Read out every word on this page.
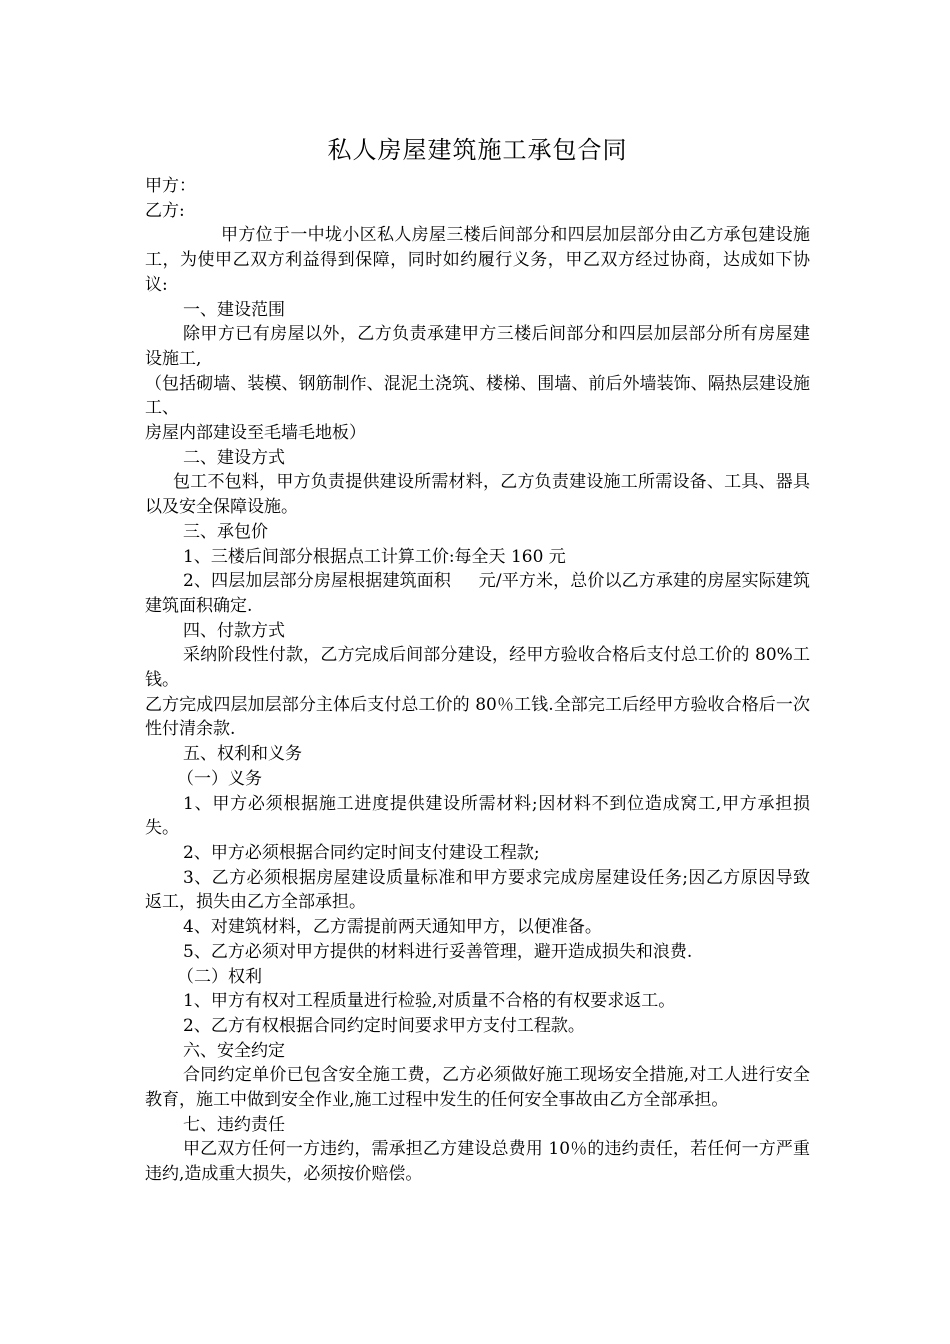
私人房屋建筑施工承包合同

甲方：

乙方:

甲方位于一中垅小区私人房屋三楼后间部分和四层加层部分由乙方承包建设施工，为使甲乙双方利益得到保障，同时如约履行义务，甲乙双方经过协商，达成如下协议:

一、建设范围

除甲方已有房屋以外，乙方负责承建甲方三楼后间部分和四层加层部分所有房屋建设施工,

（包括砌墙、装模、钢筋制作、混泥土浇筑、楼梯、围墙、前后外墙装饰、隔热层建设施工、

房屋内部建设至毛墙毛地板）

二、建设方式

包工不包料，甲方负责提供建设所需材料，乙方负责建设施工所需设备、工具、器具以及安全保障设施。

三、承包价

1、三楼后间部分根据点工计算工价:每全天 160 元

2、四层加层部分房屋根据建筑面积     元/平方米，总价以乙方承建的房屋实际建筑建筑面积确定.

四、付款方式

采纳阶段性付款，乙方完成后间部分建设，经甲方验收合格后支付总工价的 80%工钱。

乙方完成四层加层部分主体后支付总工价的 80％工钱.全部完工后经甲方验收合格后一次性付清余款.

五、权利和义务

（一）义务

1、甲方必须根据施工进度提供建设所需材料;因材料不到位造成窝工,甲方承担损失。

2、甲方必须根据合同约定时间支付建设工程款;

3、乙方必须根据房屋建设质量标准和甲方要求完成房屋建设任务;因乙方原因导致返工，损失由乙方全部承担。

4、对建筑材料，乙方需提前两天通知甲方，以便准备。

5、乙方必须对甲方提供的材料进行妥善管理，避开造成损失和浪费.

（二）权利

1、甲方有权对工程质量进行检验,对质量不合格的有权要求返工。

2、乙方有权根据合同约定时间要求甲方支付工程款。

六、安全约定

合同约定单价已包含安全施工费，乙方必须做好施工现场安全措施,对工人进行安全教育，施工中做到安全作业,施工过程中发生的任何安全事故由乙方全部承担。

七、违约责任

甲乙双方任何一方违约，需承担乙方建设总费用 10％的违约责任，若任何一方严重违约,造成重大损失，必须按价赔偿。
